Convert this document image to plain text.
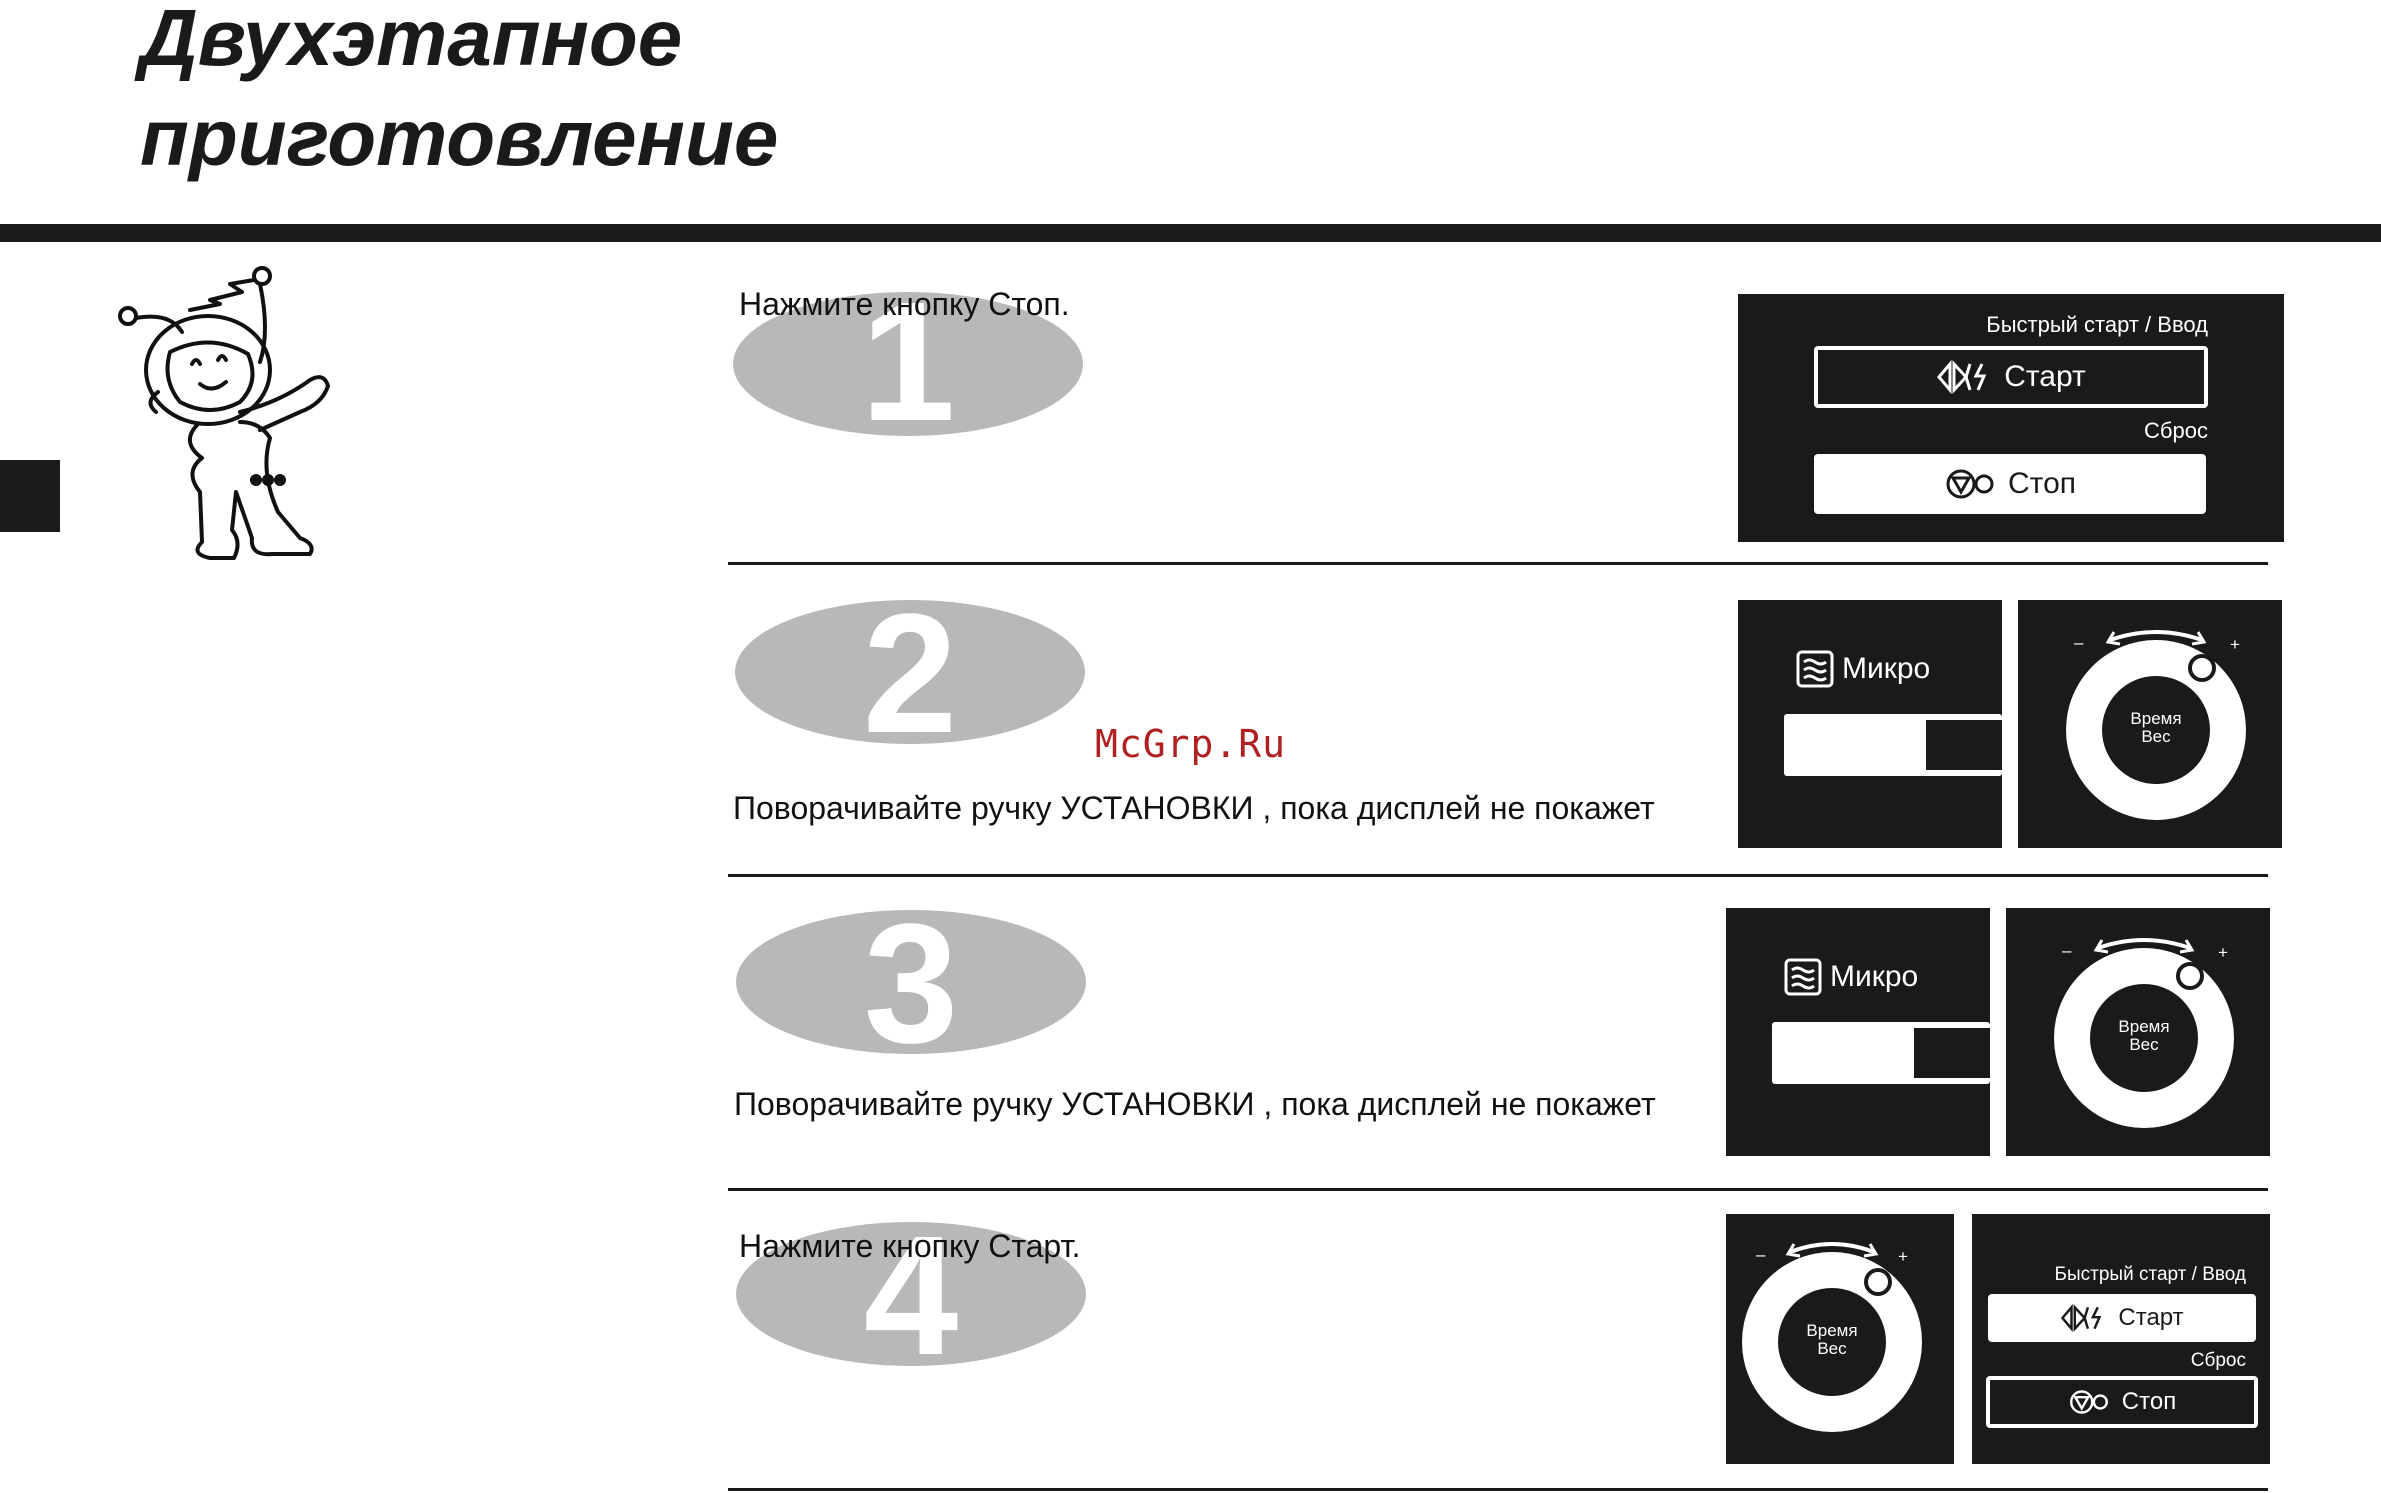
Двухэтапное
приготовление
1
2
3
4
Нажмите кнопку Стоп.
Поворачивайте ручку УСТАНОВКИ , пока дисплей не покажет
Поворачивайте ручку УСТАНОВКИ , пока дисплей не покажет
Нажмите кнопку Старт.
McGrp.Ru
Быстрый старт / Ввод
Старт
Сброс
Стоп
Микро
–	+
Время
Вес
Микро
–	+
Время
Вес
–	+
Время
Вес
Быстрый старт / Ввод
Старт
Сброс
Стоп
